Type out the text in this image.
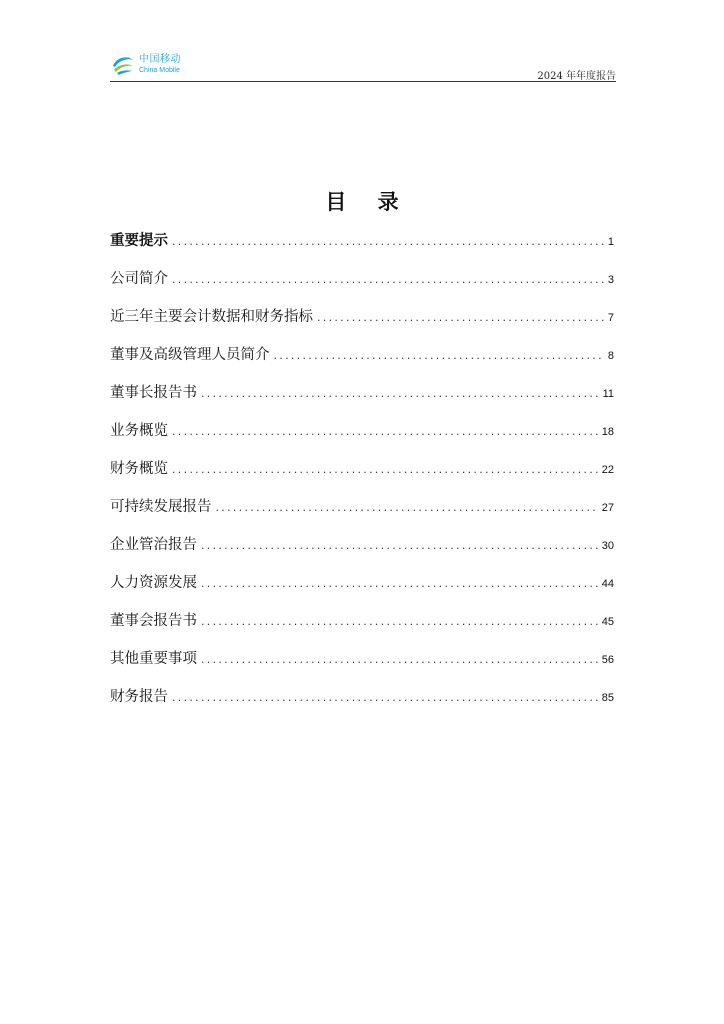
中国移动
China Mobile
2024 年年度报告
目 录
重要提示 .....	1
公司简介 .....	3
近三年主要会计数据和财务指标 .....	7
董事及高级管理人员简介 .....	8
董事长报告书 .....	11
业务概览 .....	18
财务概览 .....	22
可持续发展报告 .....	27
企业管治报告 .....	30
人力资源发展 .....	44
董事会报告书 .....	45
其他重要事项 .....	56
财务报告 .....	85
